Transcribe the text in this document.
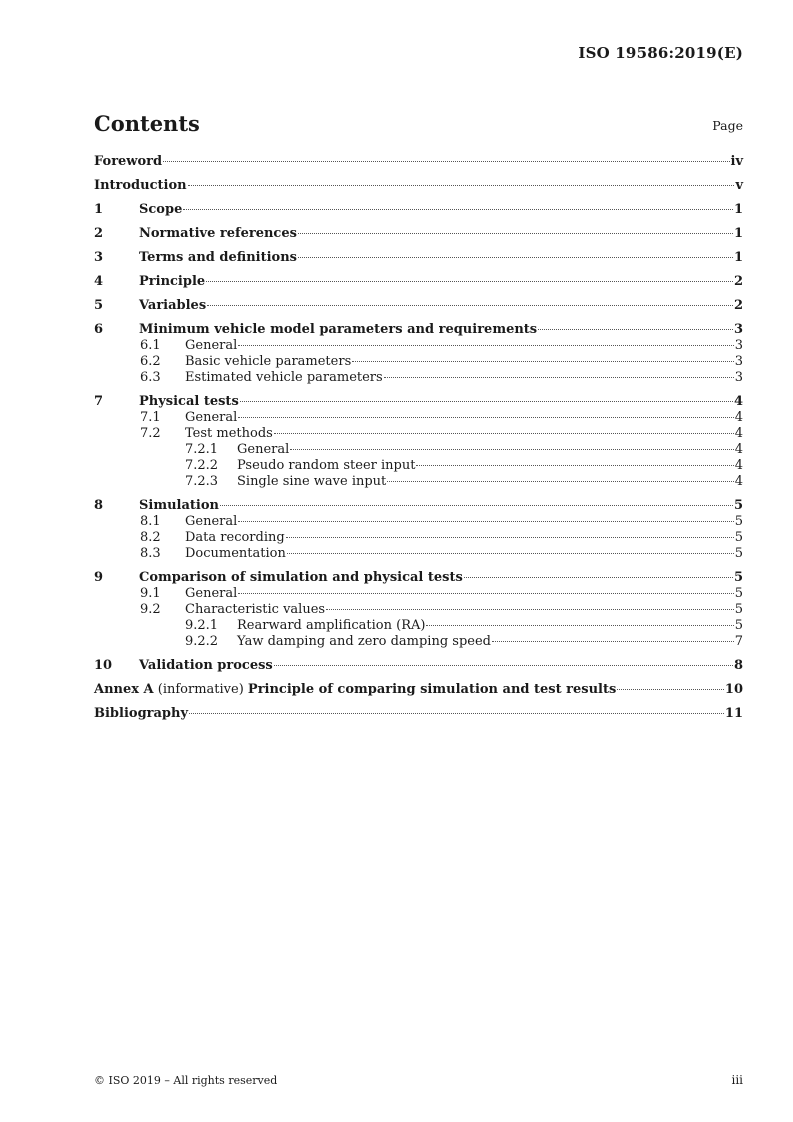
ISO 19586:2019(E)
Contents	Page
Foreword	iv
Introduction	v
1	Scope	1
2	Normative references	1
3	Terms and definitions	1
4	Principle	2
5	Variables	2
6	Minimum vehicle model parameters and requirements	3
6.1	General	3
6.2	Basic vehicle parameters	3
6.3	Estimated vehicle parameters	3
7	Physical tests	4
7.1	General	4
7.2	Test methods	4
7.2.1	General	4
7.2.2	Pseudo random steer input	4
7.2.3	Single sine wave input	4
8	Simulation	5
8.1	General	5
8.2	Data recording	5
8.3	Documentation	5
9	Comparison of simulation and physical tests	5
9.1	General	5
9.2	Characteristic values	5
9.2.1	Rearward amplification (RA)	5
9.2.2	Yaw damping and zero damping speed	7
10	Validation process	8
Annex A (informative) Principle of comparing simulation and test results	10
Bibliography	11
© ISO 2019 – All rights reserved	iii
